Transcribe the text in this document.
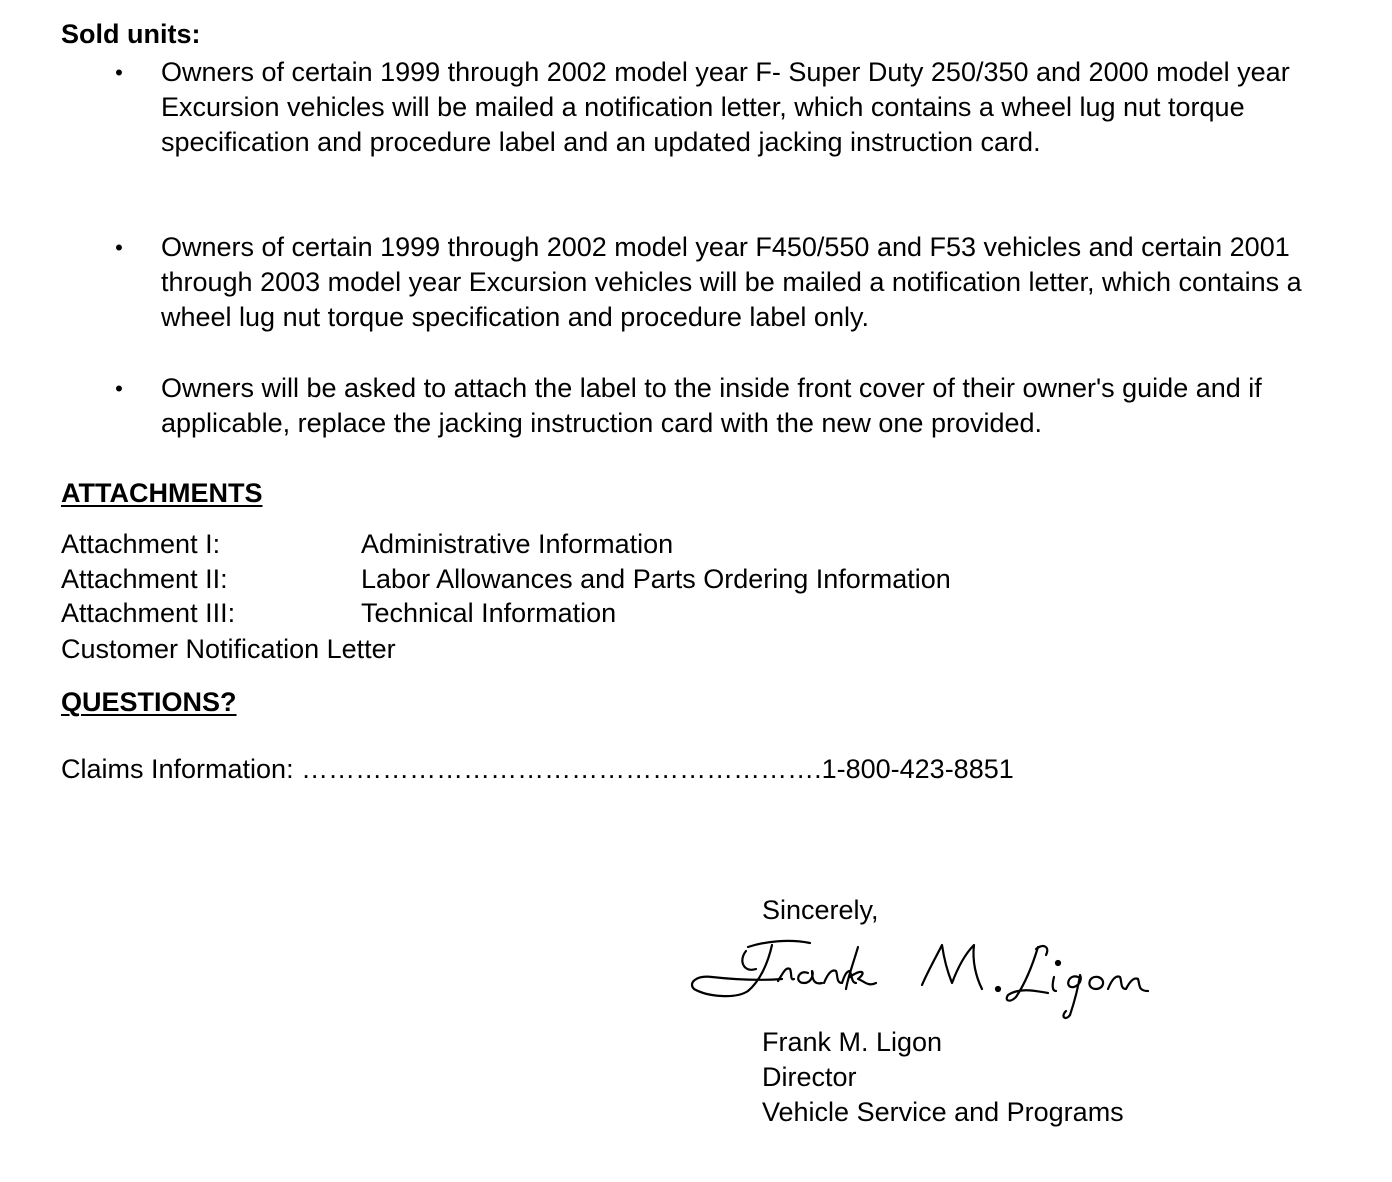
Sold units:

• Owners of certain 1999 through 2002 model year F- Super Duty 250/350 and 2000 model year Excursion vehicles will be mailed a notification letter, which contains a wheel lug nut torque specification and procedure label and an updated jacking instruction card.

• Owners of certain 1999 through 2002 model year F450/550 and F53 vehicles and certain 2001 through 2003 model year Excursion vehicles will be mailed a notification letter, which contains a wheel lug nut torque specification and procedure label only.

• Owners will be asked to attach the label to the inside front cover of their owner's guide and if applicable, replace the jacking instruction card with the new one provided.

ATTACHMENTS

Attachment I:	Administrative Information
Attachment II:	Labor Allowances and Parts Ordering Information
Attachment III:	Technical Information
Customer Notification Letter

QUESTIONS?

Claims Information: ………………………………………………….1-800-423-8851

Sincerely,

Frank M. Ligon

Director

Vehicle Service and Programs
